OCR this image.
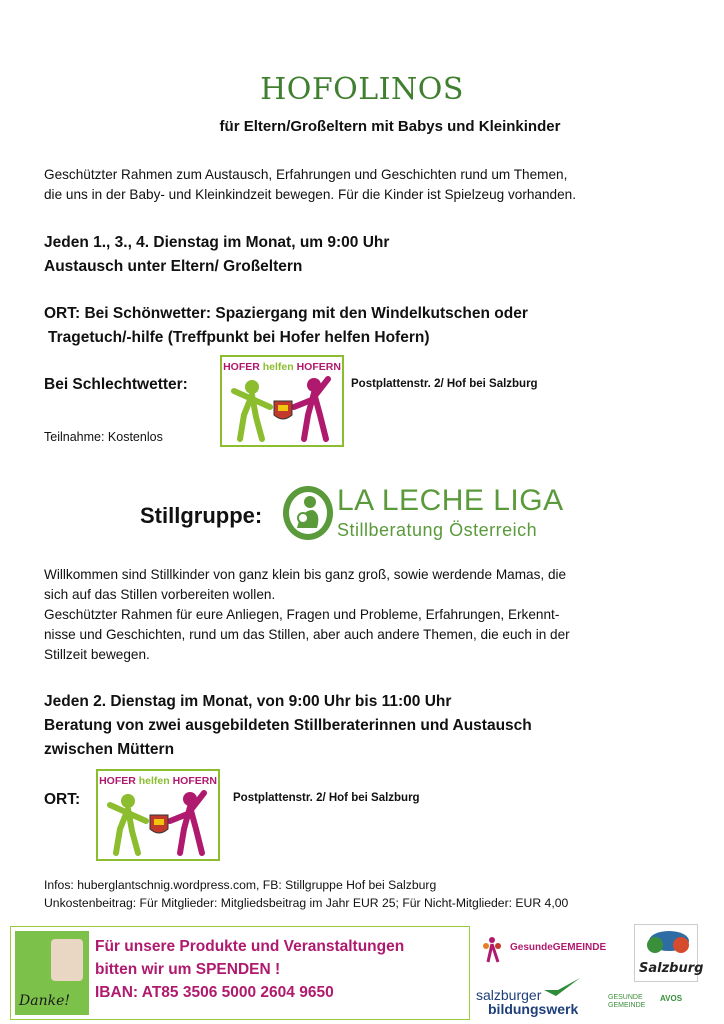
HOFOLINOS
für Eltern/Großeltern mit Babys und Kleinkinder
Geschützter Rahmen zum Austausch, Erfahrungen und Geschichten rund um Themen,
die uns in der Baby- und Kleinkindzeit bewegen. Für die Kinder ist Spielzeug vorhanden.
Jeden 1., 3., 4. Dienstag im Monat, um 9:00 Uhr
Austausch unter Eltern/ Großeltern
ORT: Bei Schönwetter: Spaziergang mit den Windelkutschen oder
Tragetuch/-hilfe (Treffpunkt bei Hofer helfen Hofern)
Bei Schlechtwetter:
HOFER helfen HOFERN
Postplattenstr. 2/ Hof bei Salzburg
Teilnahme: Kostenlos
Stillgruppe: LA LECHE LIGA
Stillberatung Österreich
Willkommen sind Stillkinder von ganz klein bis ganz groß, sowie werdende Mamas, die
sich auf das Stillen vorbereiten wollen.
Geschützter Rahmen für eure Anliegen, Fragen und Probleme, Erfahrungen, Erkennt-
nisse und Geschichten, rund um das Stillen, aber auch andere Themen, die euch in der
Stillzeit bewegen.
Jeden 2. Dienstag im Monat, von 9:00 Uhr bis 11:00 Uhr
Beratung von zwei ausgebildeten Stillberaterinnen und Austausch
zwischen Müttern
ORT:
HOFER helfen HOFERN
Postplattenstr. 2/ Hof bei Salzburg
Infos: huberglantschnig.wordpress.com, FB: Stillgruppe Hof bei Salzburg
Unkostenbeitrag: Für Mitglieder: Mitgliedsbeitrag im Jahr EUR 25; Für Nicht-Mitglieder: EUR 4,00
Danke!
Für unsere Produkte und Veranstaltungen
bitten wir um SPENDEN !
IBAN: AT85 3506 5000 2604 9650
GesundeGEMEINDE
Salzburg
salzburger
bildungswerk
GESUNDE GEMEINDE
AVOS
